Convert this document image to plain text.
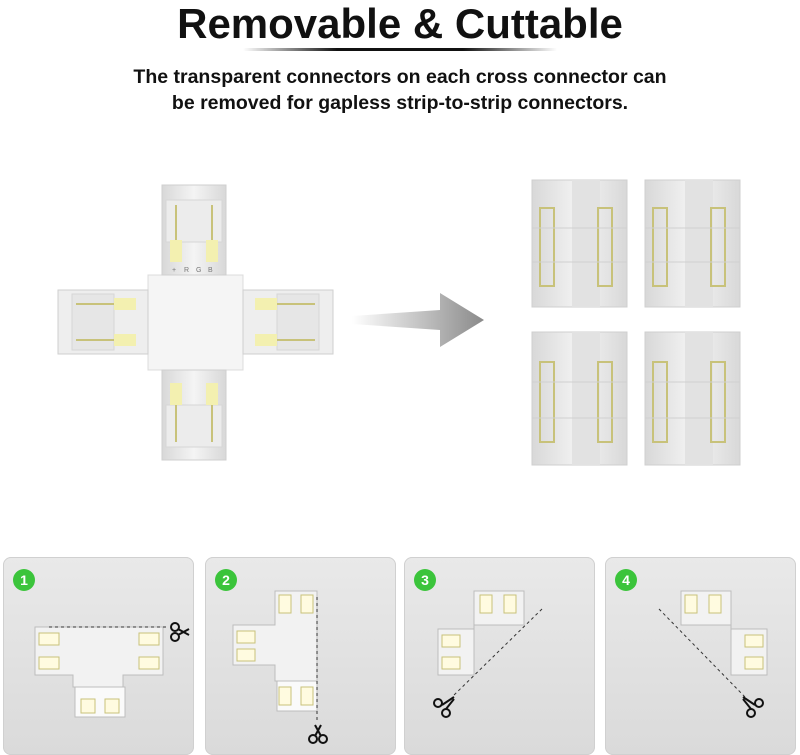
Removable & Cuttable
The transparent connectors on each cross connector can
be removed for gapless strip-to-strip connectors.
+ R G B
1	2	3	4
